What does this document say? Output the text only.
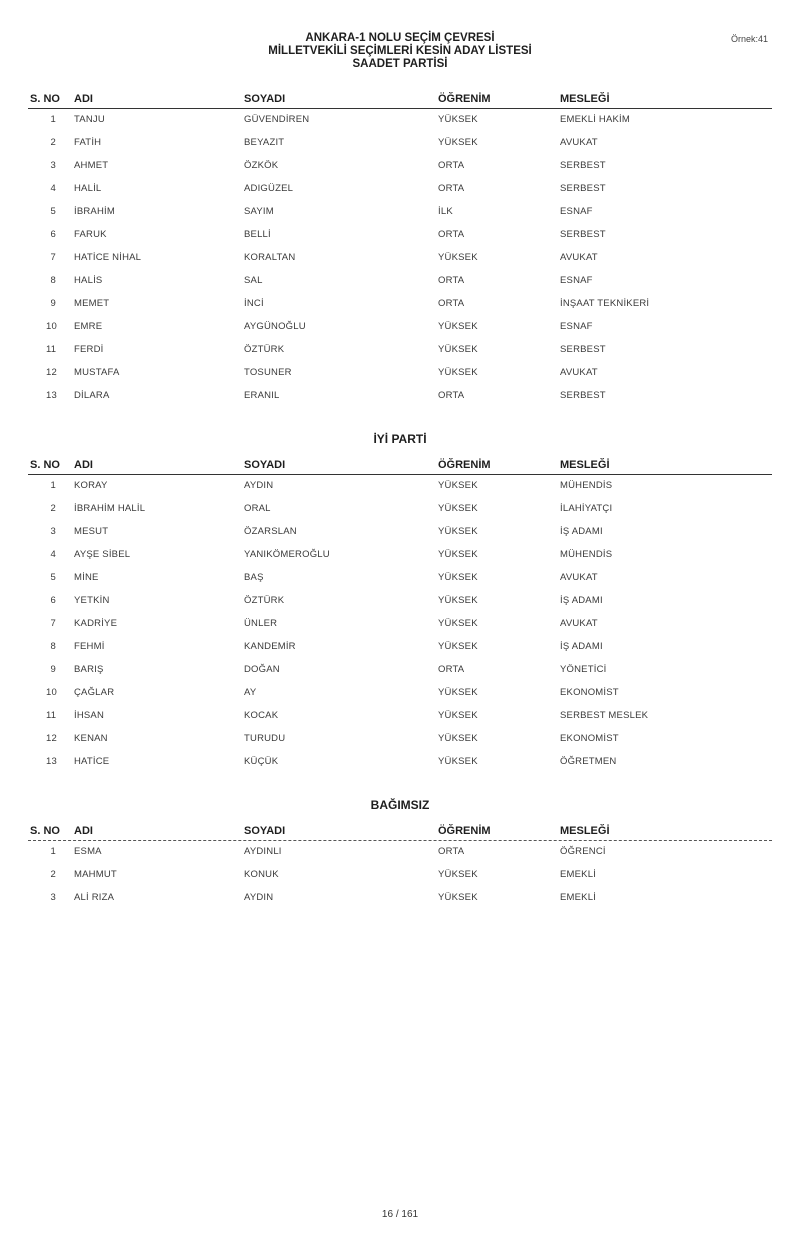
Örnek:41
ANKARA-1 NOLU SEÇİM ÇEVRESİ
MİLLETVEKİLİ SEÇİMLERİ KESİN ADAY LİSTESİ
SAADET PARTİSİ
S. NO ADI	SOYADI	ÖĞRENİM	MESLEĞİ
1 TANJU	GÜVENDİREN	YÜKSEK	EMEKLİ HAKİM
2 FATİH	BEYAZIT	YÜKSEK	AVUKAT
3 AHMET	ÖZKÖK	ORTA	SERBEST
4 HALİL	ADIGÜZEL	ORTA	SERBEST
5 İBRAHİM	SAYIM	İLK	ESNAF
6 FARUK	BELLİ	ORTA	SERBEST
7 HATİCE NİHAL	KORALTAN	YÜKSEK	AVUKAT
8 HALİS	SAL	ORTA	ESNAF
9 MEMET	İNCİ	ORTA	İNŞAAT TEKNİKERİ
10 EMRE	AYGÜNOĞLU	YÜKSEK	ESNAF
11 FERDİ	ÖZTÜRK	YÜKSEK	SERBEST
12 MUSTAFA	TOSUNER	YÜKSEK	AVUKAT
13 DİLARA	ERANIL	ORTA	SERBEST
İYİ PARTİ
S. NO ADI	SOYADI	ÖĞRENİM	MESLEĞİ
1 KORAY	AYDIN	YÜKSEK	MÜHENDİS
2 İBRAHİM HALİL	ORAL	YÜKSEK	İLAHİYATÇI
3 MESUT	ÖZARSLAN	YÜKSEK	İŞ ADAMI
4 AYŞE SİBEL	YANIKÖMEROĞLU	YÜKSEK	MÜHENDİS
5 MİNE	BAŞ	YÜKSEK	AVUKAT
6 YETKİN	ÖZTÜRK	YÜKSEK	İŞ ADAMI
7 KADRİYE	ÜNLER	YÜKSEK	AVUKAT
8 FEHMİ	KANDEMİR	YÜKSEK	İŞ ADAMI
9 BARIŞ	DOĞAN	ORTA	YÖNETİCİ
10 ÇAĞLAR	AY	YÜKSEK	EKONOMİST
11 İHSAN	KOCAK	YÜKSEK	SERBEST MESLEK
12 KENAN	TURUDU	YÜKSEK	EKONOMİST
13 HATİCE	KÜÇÜK	YÜKSEK	ÖĞRETMEN
BAĞIMSIZ
S. NO ADI	SOYADI	ÖĞRENİM	MESLEĞİ
1 ESMA	AYDINLI	ORTA	ÖĞRENCİ
2 MAHMUT	KONUK	YÜKSEK	EMEKLİ
3 ALİ RIZA	AYDIN	YÜKSEK	EMEKLİ
16 / 161
